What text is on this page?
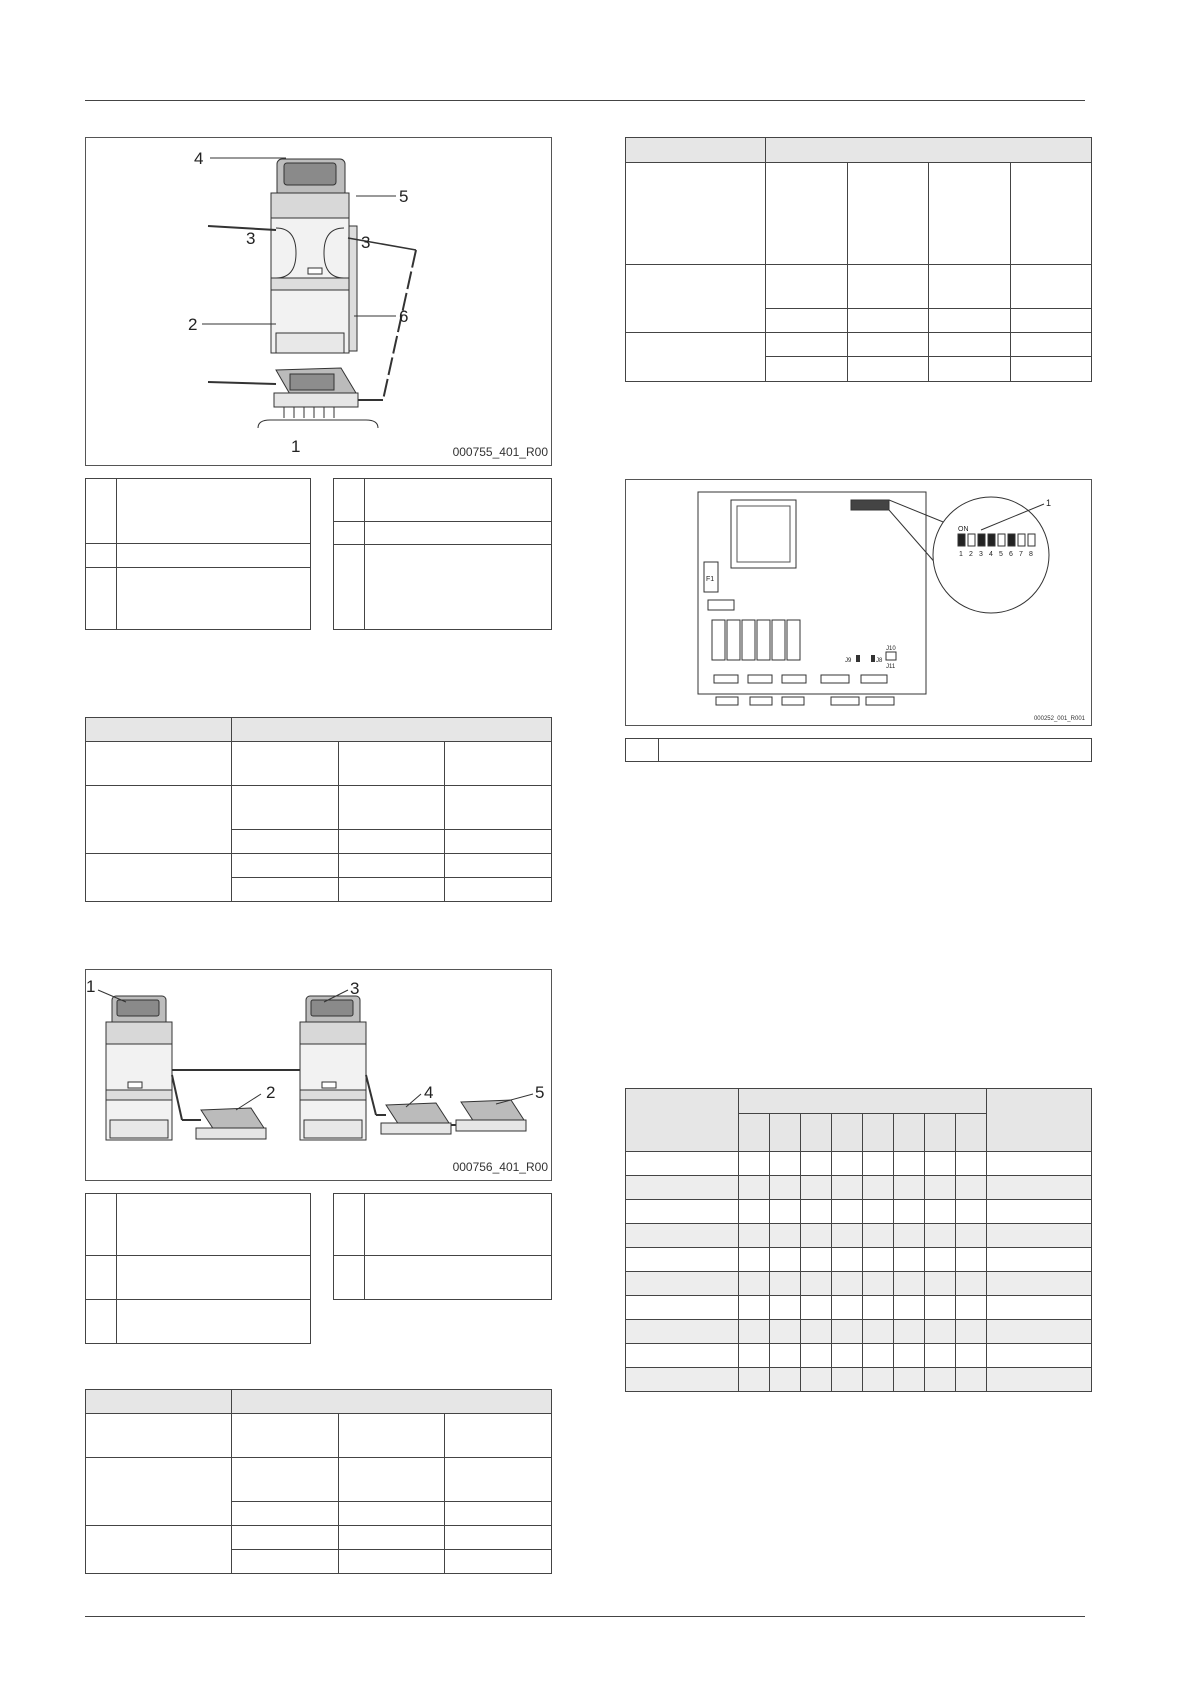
4
2
5
6
3	3
1	000755_401_R00

1
2
3
4	5
000756_401_R00

F1
J9	J8
J10
J11
ON
1 2 3 4 5 6 7 8
1
000252_001_R001
